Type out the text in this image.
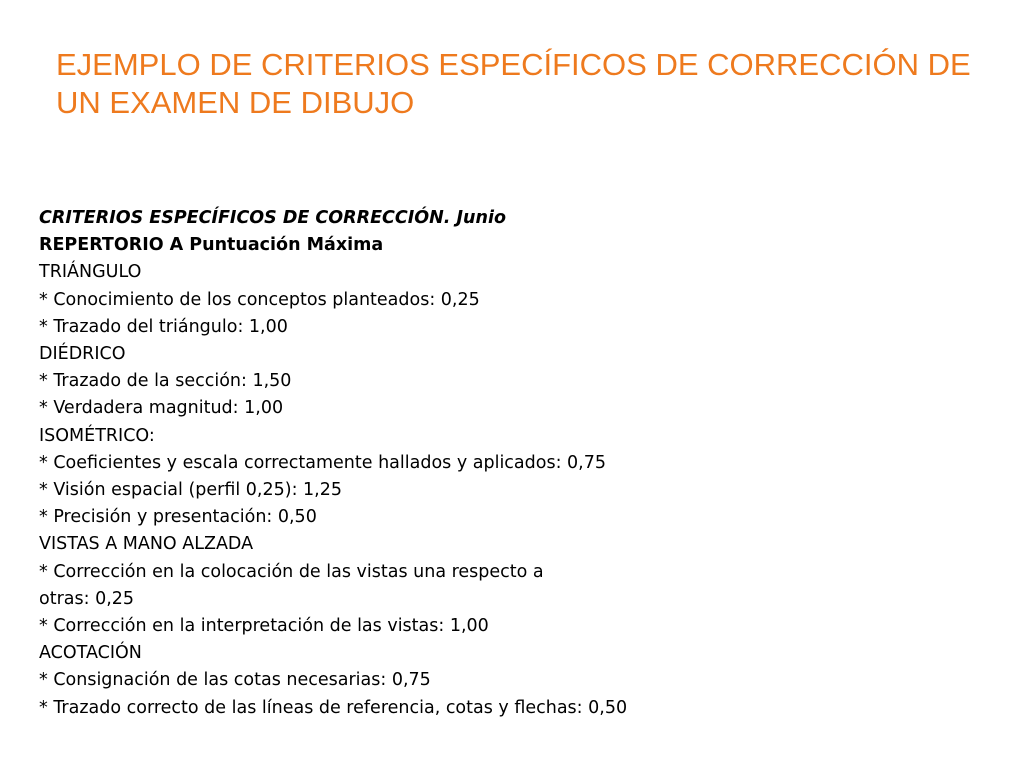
EJEMPLO DE CRITERIOS ESPECÍFICOS DE CORRECCIÓN DE
UN EXAMEN DE DIBUJO
CRITERIOS ESPECÍFICOS DE CORRECCIÓN. Junio
REPERTORIO A Puntuación Máxima
TRIÁNGULO
* Conocimiento de los conceptos planteados: 0,25
* Trazado del triángulo: 1,00
DIÉDRICO
* Trazado de la sección: 1,50
* Verdadera magnitud: 1,00
ISOMÉTRICO:
* Coeficientes y escala correctamente hallados y aplicados: 0,75
* Visión espacial (perfil 0,25): 1,25
* Precisión y presentación: 0,50
VISTAS A MANO ALZADA
* Corrección en la colocación de las vistas una respecto a
otras: 0,25
* Corrección en la interpretación de las vistas: 1,00
ACOTACIÓN
* Consignación de las cotas necesarias: 0,75
* Trazado correcto de las líneas de referencia, cotas y flechas: 0,50
